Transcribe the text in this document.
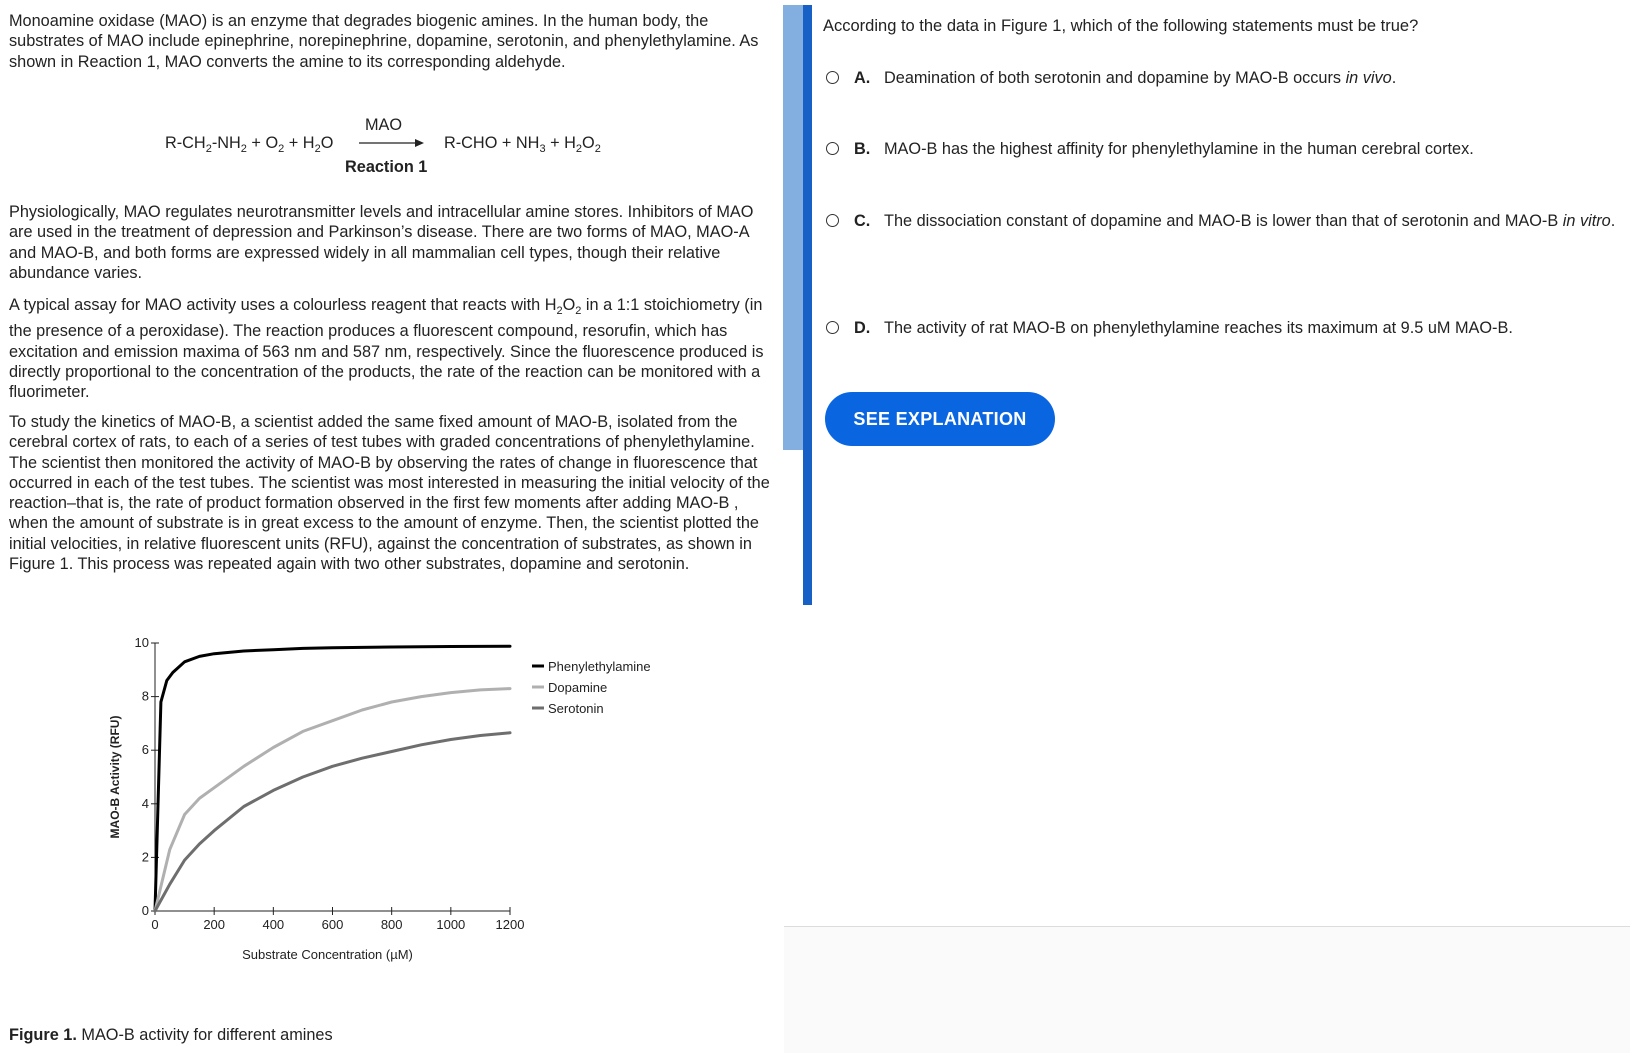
Monoamine oxidase (MAO) is an enzyme that degrades biogenic amines. In the human body, the substrates of MAO include epinephrine, norepinephrine, dopamine, serotonin, and phenylethylamine. As shown in Reaction 1, MAO converts the amine to its corresponding aldehyde.

$R-CH_2-NH_2 + O_2 + H_2O$
MAO
$R-CHO + NH_3 + H_2O_2$
Reaction 1

Physiologically, MAO regulates neurotransmitter levels and intracellular amine stores. Inhibitors of MAO are used in the treatment of depression and Parkinson’s disease. There are two forms of MAO, MAO-A and MAO-B, and both forms are expressed widely in all mammalian cell types, though their relative abundance varies.

A typical assay for MAO activity uses a colourless reagent that reacts with $H_2O_2$ in a 1:1 stoichiometry (in the presence of a peroxidase). The reaction produces a fluorescent compound, resorufin, which has excitation and emission maxima of 563 nm and 587 nm, respectively. Since the fluorescence produced is directly proportional to the concentration of the products, the rate of the reaction can be monitored with a fluorimeter.

To study the kinetics of MAO-B, a scientist added the same fixed amount of MAO-B, isolated from the cerebral cortex of rats, to each of a series of test tubes with graded concentrations of phenylethylamine. The scientist then monitored the activity of MAO-B by observing the rates of change in fluorescence that occurred in each of the test tubes. The scientist was most interested in measuring the initial velocity of the reaction–that is, the rate of product formation observed in the first few moments after adding MAO-B , when the amount of substrate is in great excess to the amount of enzyme. Then, the scientist plotted the initial velocities, in relative fluorescent units (RFU), against the concentration of substrates, as shown in Figure 1. This process was repeated again with two other substrates, dopamine and serotonin.

0
2
4
6
8
10
0	200	400	600	800	1000 1200
Substrate Concentration (µM)
MAO-B Activity (RFU)
Phenylethylamine
Dopamine
Serotonin
Figure 1. MAO-B activity for different amines
According to the data in Figure 1, which of the following statements must be true?
A. Deamination of both serotonin and dopamine by MAO-B occurs in vivo.
B. MAO-B has the highest affinity for phenylethylamine in the human cerebral cortex.
C. The dissociation constant of dopamine and MAO-B is lower than that of serotonin and MAO-B in vitro.
D. The activity of rat MAO-B on phenylethylamine reaches its maximum at 9.5 uM MAO-B.
SEE EXPLANATION
